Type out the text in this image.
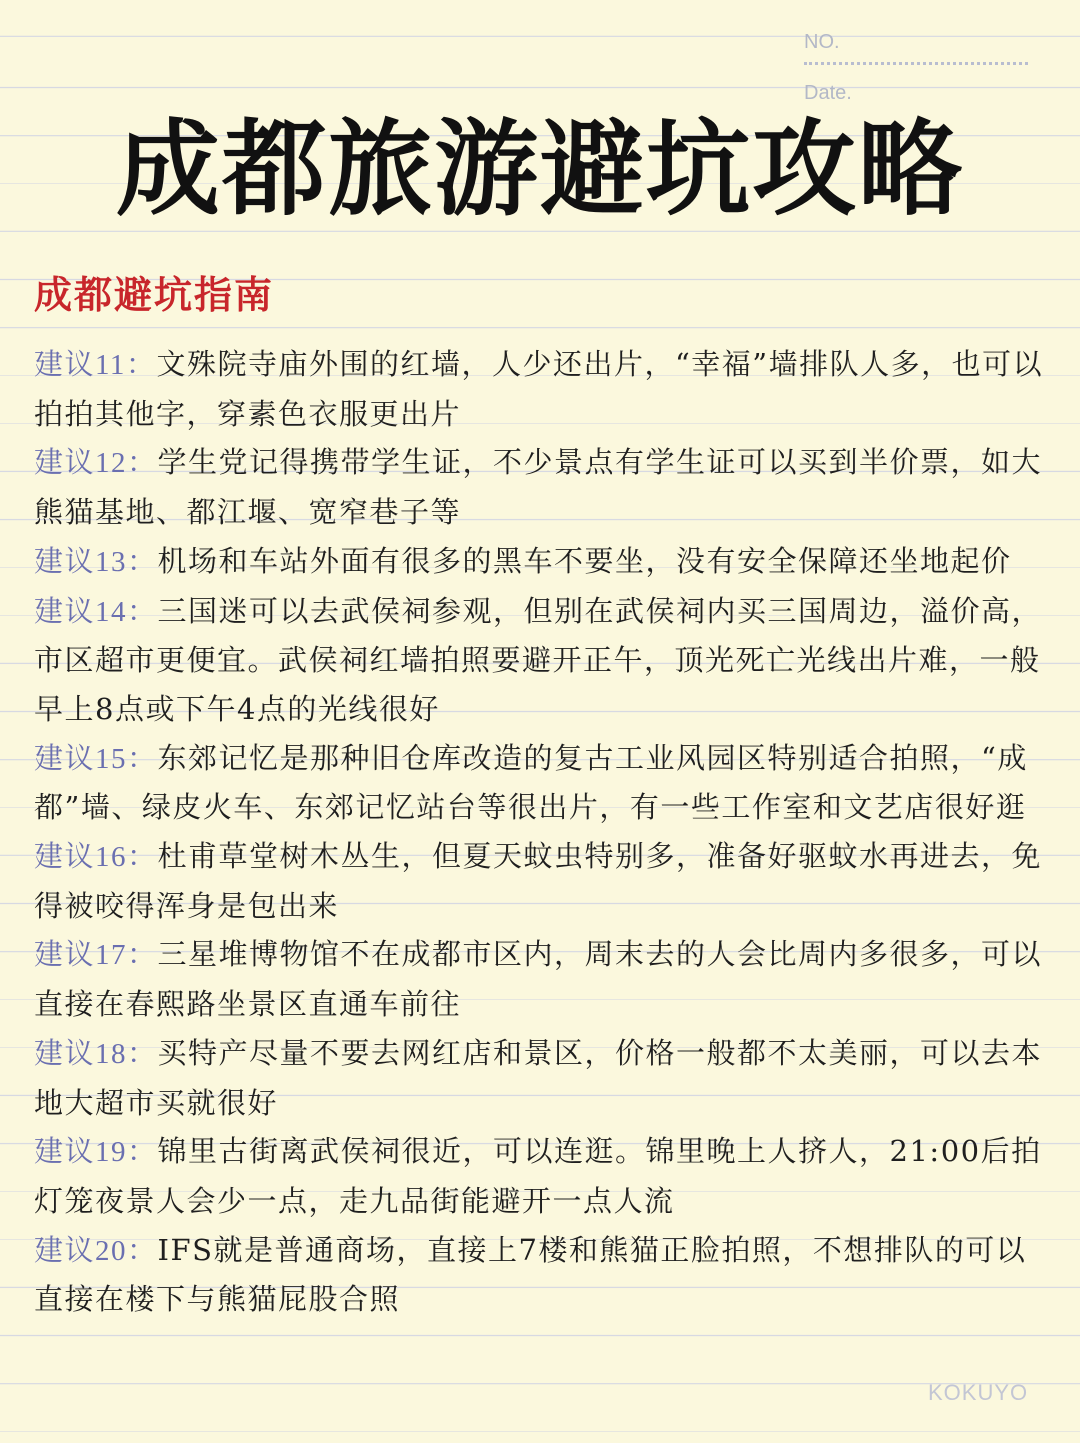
NO.
Date.
成都旅游避坑攻略
成都避坑指南

建议11：文殊院寺庙外围的红墙，人少还出片，“幸福”墙排队人多，也可以拍拍其他字，穿素色衣服更出片

建议12：学生党记得携带学生证，不少景点有学生证可以买到半价票，如大熊猫基地、都江堰、宽窄巷子等

建议13：机场和车站外面有很多的黑车不要坐，没有安全保障还坐地起价

建议14：三国迷可以去武侯祠参观，但别在武侯祠内买三国周边，溢价高，市区超市更便宜。武侯祠红墙拍照要避开正午，顶光死亡光线出片难，一般早上8点或下午4点的光线很好

建议15：东郊记忆是那种旧仓库改造的复古工业风园区特别适合拍照，“成都”墙、绿皮火车、东郊记忆站台等很出片，有一些工作室和文艺店很好逛

建议16：杜甫草堂树木丛生，但夏天蚊虫特别多，准备好驱蚊水再进去，免得被咬得浑身是包出来

建议17：三星堆博物馆不在成都市区内，周末去的人会比周内多很多，可以直接在春熙路坐景区直通车前往

建议18：买特产尽量不要去网红店和景区，价格一般都不太美丽，可以去本地大超市买就很好

建议19：锦里古街离武侯祠很近，可以连逛。锦里晚上人挤人，21:00后拍灯笼夜景人会少一点，走九品街能避开一点人流

建议20：IFS就是普通商场，直接上7楼和熊猫正脸拍照，不想排队的可以直接在楼下与熊猫屁股合照

KOKUYO
